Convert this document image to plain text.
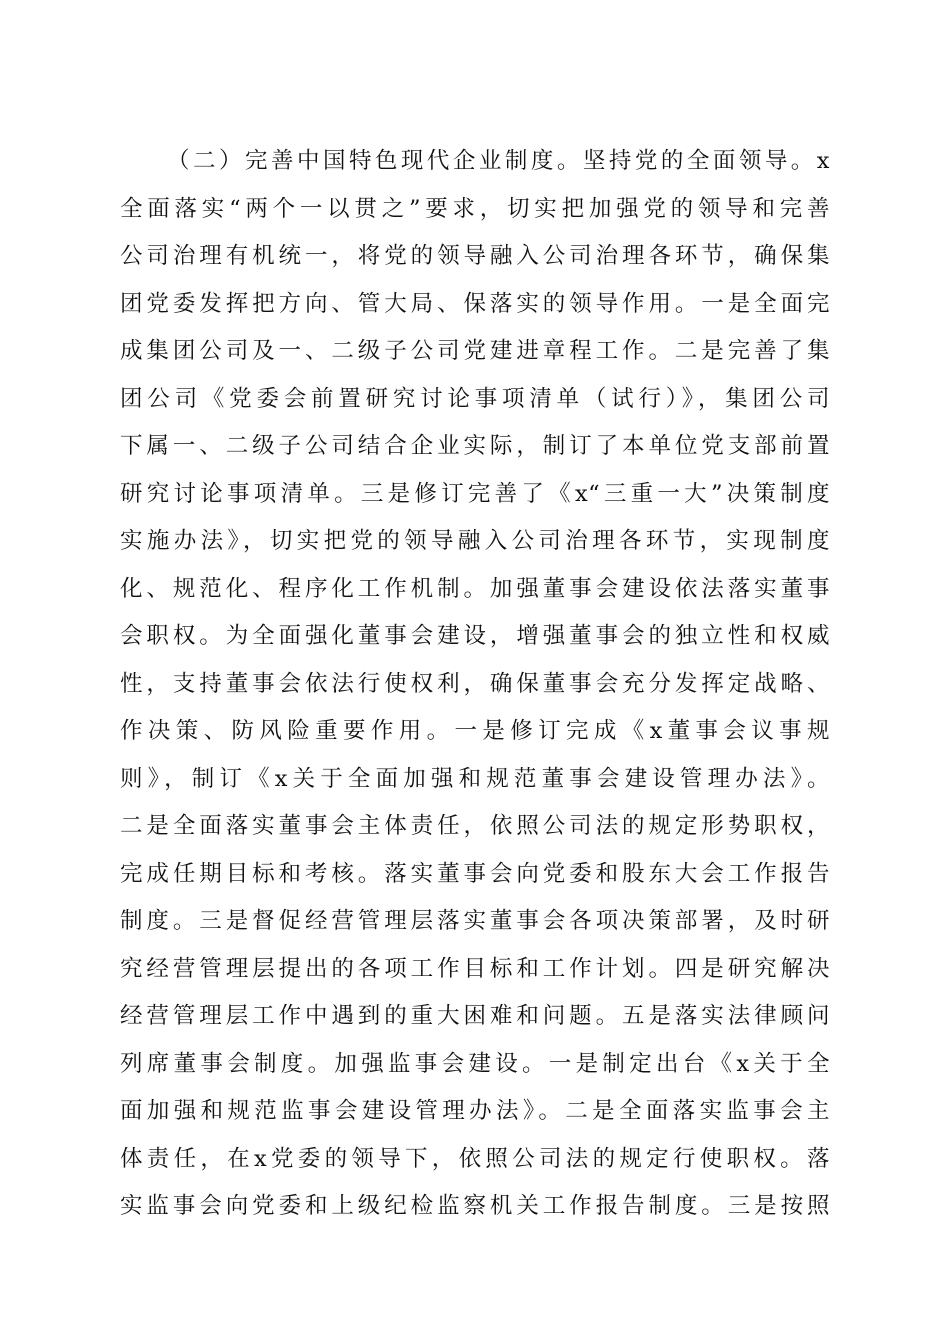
（二）完善中国特色现代企业制度。坚持党的全面领导。x
全面落实“两个一以贯之”要求，切实把加强党的领导和完善
公司治理有机统一，将党的领导融入公司治理各环节，确保集
团党委发挥把方向、管大局、保落实的领导作用。一是全面完
成集团公司及一、二级子公司党建进章程工作。二是完善了集
团公司《党委会前置研究讨论事项清单（试行）》，集团公司
下属一、二级子公司结合企业实际，制订了本单位党支部前置
研究讨论事项清单。三是修订完善了《x“三重一大”决策制度
实施办法》，切实把党的领导融入公司治理各环节，实现制度
化、规范化、程序化工作机制。加强董事会建设依法落实董事
会职权。为全面强化董事会建设，增强董事会的独立性和权威
性，支持董事会依法行使权利，确保董事会充分发挥定战略、
作决策、防风险重要作用。一是修订完成《x董事会议事规
则》，制订《x关于全面加强和规范董事会建设管理办法》。
二是全面落实董事会主体责任，依照公司法的规定形势职权，
完成任期目标和考核。落实董事会向党委和股东大会工作报告
制度。三是督促经营管理层落实董事会各项决策部署，及时研
究经营管理层提出的各项工作目标和工作计划。四是研究解决
经营管理层工作中遇到的重大困难和问题。五是落实法律顾问
列席董事会制度。加强监事会建设。一是制定出台《x关于全
面加强和规范监事会建设管理办法》。二是全面落实监事会主
体责任，在x党委的领导下，依照公司法的规定行使职权。落
实监事会向党委和上级纪检监察机关工作报告制度。三是按照
